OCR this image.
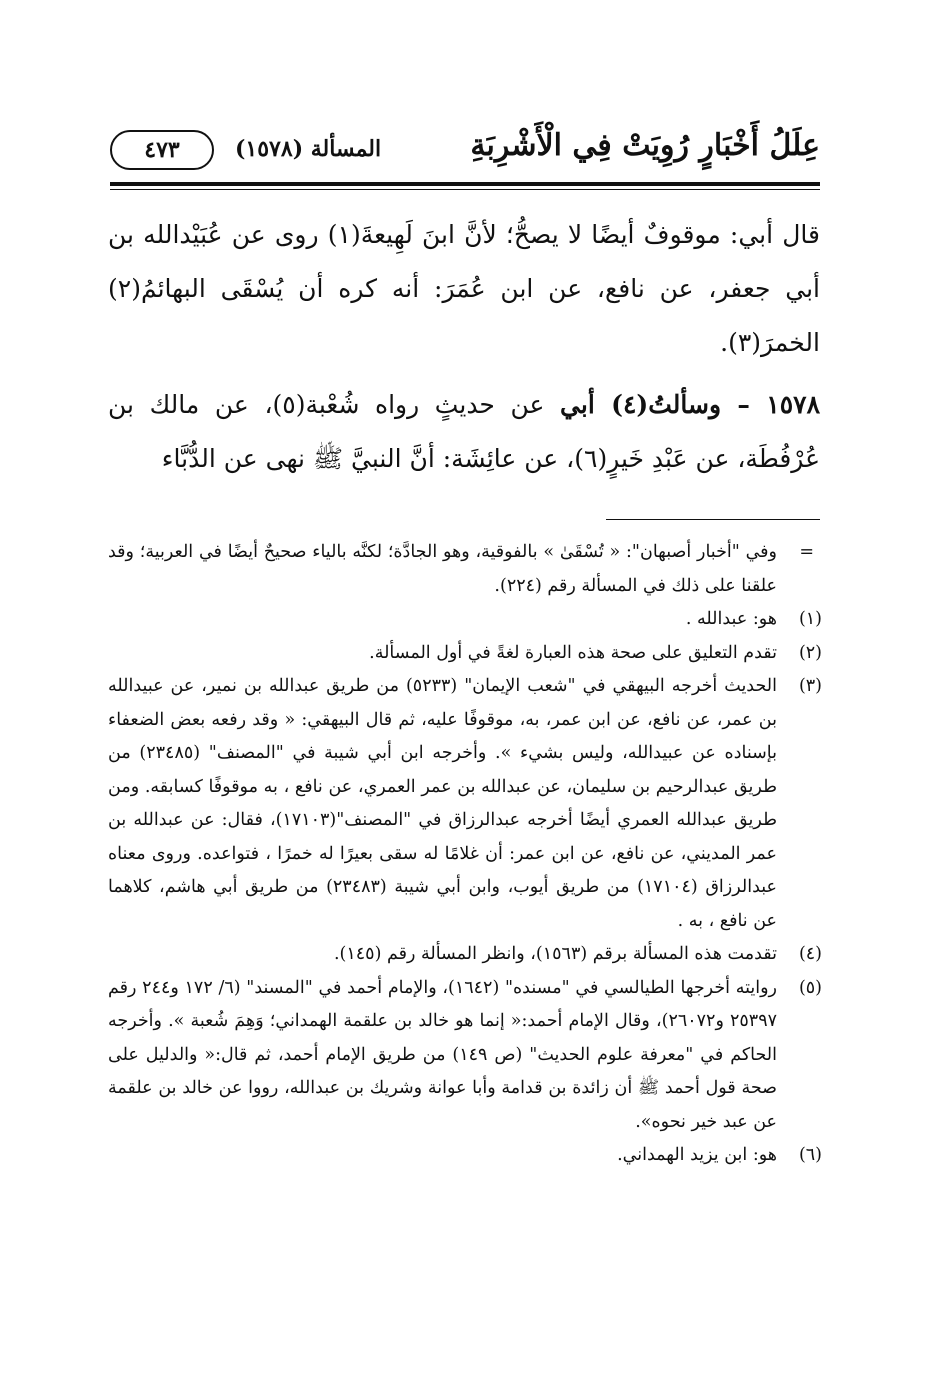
عِلَلُ أَخْبَارٍ رُوِيَتْ فِي الْأَشْرِبَةِ
المسألة (١٥٧٨)
٤٧٣

قال أبي: موقوفٌ أيضًا لا يصحُّ؛ لأنَّ ابنَ لَهِيعةَ(١) روى عن عُبَيْدالله بن أبي جعفر، عن نافع، عن ابن عُمَرَ: أنه كره أن يُسْقَى البهائمُ(٢) الخمرَ(٣).

١٥٧٨ – وسألتُ(٤) أبي عن حديثٍ رواه شُعْبة(٥)، عن مالك بن عُرْفُطَة، عن عَبْدِ خَيرٍ(٦)، عن عائِشَة: أنَّ النبيَّ ﷺ نهى عن الدُّبَّاء

=
وفي "أخبار أصبهان": « تُسْقَىٰ » بالفوقية، وهو الجادَّة؛ لكنَّه بالياء صحيحٌ أيضًا في العربية؛ وقد علقنا على ذلك في المسألة رقم (٢٢٤).
(١)
هو: عبدالله .
(٢)
تقدم التعليق على صحة هذه العبارة لغةً في أول المسألة.
(٣)
الحديث أخرجه البيهقي في "شعب الإيمان" (٥٢٣٣) من طريق عبدالله بن نمير، عن عبيدالله بن عمر، عن نافع، عن ابن عمر، به، موقوفًا عليه، ثم قال البيهقي: « وقد رفعه بعض الضعفاء بإسناده عن عبيدالله، وليس بشيء ». وأخرجه ابن أبي شيبة في "المصنف" (٢٣٤٨٥) من طريق عبدالرحيم بن سليمان، عن عبدالله بن عمر العمري، عن نافع ، به موقوفًا كسابقه. ومن طريق عبدالله العمري أيضًا أخرجه عبدالرزاق في "المصنف"(١٧١٠٣)، فقال: عن عبدالله بن عمر المديني، عن نافع، عن ابن عمر: أن غلامًا له سقى بعيرًا له خمرًا ، فتواعده. وروى معناه عبدالرزاق (١٧١٠٤) من طريق أيوب، وابن أبي شيبة (٢٣٤٨٣) من طريق أبي هاشم، كلاهما عن نافع ، به .
(٤)
تقدمت هذه المسألة برقم (١٥٦٣)، وانظر المسألة رقم (١٤٥).
(٥)
روايته أخرجها الطيالسي في "مسنده" (١٦٤٢)، والإمام أحمد في "المسند" (٦/ ١٧٢ و٢٤٤ رقم ٢٥٣٩٧ و٢٦٠٧٢)، وقال الإمام أحمد:« إنما هو خالد بن علقمة الهمداني؛ وَهِمَ شُعبة ». وأخرجه الحاكم في "معرفة علوم الحديث" (ص ١٤٩) من طريق الإمام أحمد، ثم قال:« والدليل على صحة قول أحمد ﷺ أن زائدة بن قدامة وأبا عوانة وشريك بن عبدالله، رووا عن خالد بن علقمة عن عبد خير نحوه».
(٦)
هو: ابن يزيد الهمداني.
